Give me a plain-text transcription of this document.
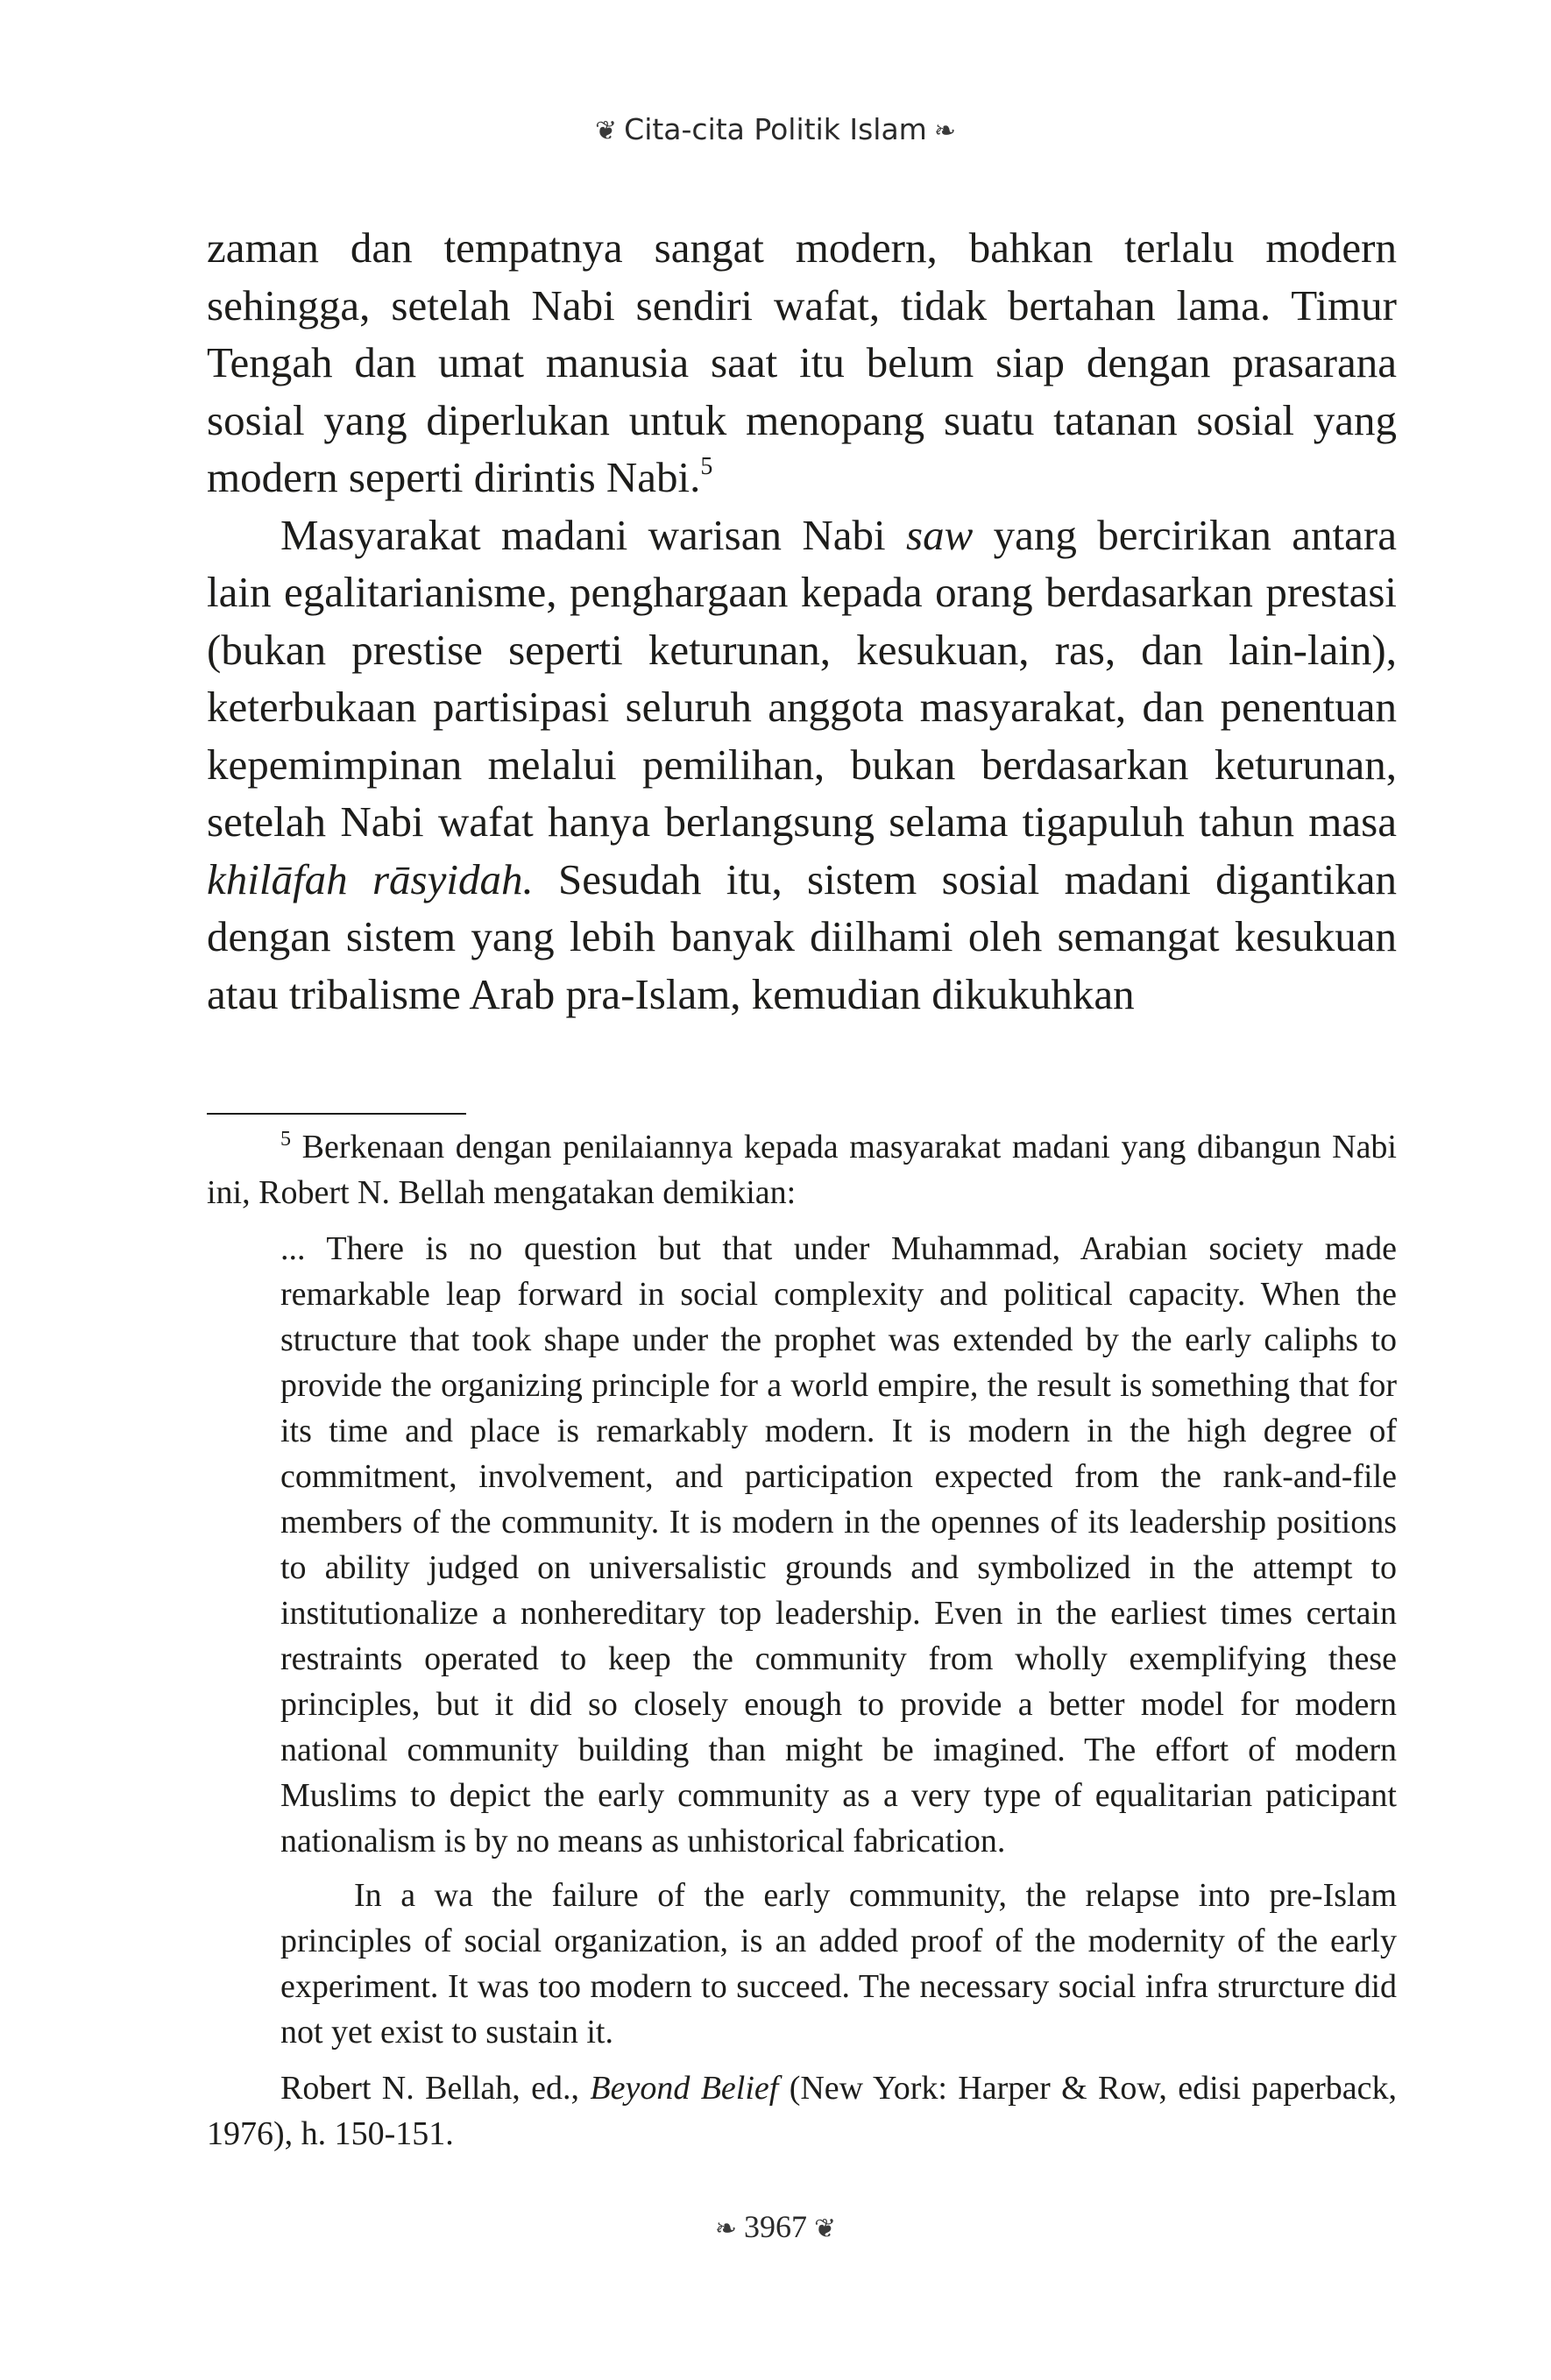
❦ Cita-cita Politik Islam ❧

zaman dan tempatnya sangat modern, bahkan terlalu modern sehingga, setelah Nabi sendiri wafat, tidak bertahan lama. Timur Tengah dan umat manusia saat itu belum siap dengan prasarana sosial yang diperlukan untuk menopang suatu tatanan sosial yang modern seperti dirintis Nabi.$^5$

Masyarakat madani warisan Nabi saw yang bercirikan antara lain egalitarianisme, penghargaan kepada orang berdasarkan prestasi (bukan prestise seperti keturunan, kesukuan, ras, dan lain-lain), keterbukaan partisipasi seluruh anggota masyarakat, dan penentuan kepemimpinan melalui pemilihan, bukan berdasarkan keturunan, setelah Nabi wafat hanya berlangsung selama tigapuluh tahun masa khilāfah rāsyidah. Sesudah itu, sistem sosial madani digantikan dengan sistem yang lebih banyak diilhami oleh semangat kesukuan atau tribalisme Arab pra-Islam, kemudian dikukuhkan

$^5$ Berkenaan dengan penilaiannya kepada masyarakat madani yang dibangun Nabi ini, Robert N. Bellah mengatakan demikian:

... There is no question but that under Muhammad, Arabian society made remarkable leap forward in social complexity and political capacity. When the structure that took shape under the prophet was extended by the early caliphs to provide the organizing principle for a world empire, the result is something that for its time and place is remarkably modern. It is modern in the high degree of commitment, involvement, and participation expected from the rank-and-file members of the community. It is modern in the opennes of its leadership positions to ability judged on universalistic grounds and symbolized in the attempt to institutionalize a nonhereditary top leadership. Even in the earliest times certain restraints operated to keep the community from wholly exemplifying these principles, but it did so closely enough to provide a better model for modern national community building than might be imagined. The effort of modern Muslims to depict the early community as a very type of equalitarian paticipant nationalism is by no means as unhistorical fabrication.

In a wa the failure of the early community, the relapse into pre-Islam principles of social organization, is an added proof of the modernity of the early experiment. It was too modern to succeed. The necessary social infra strurcture did not yet exist to sustain it.

Robert N. Bellah, ed., Beyond Belief (New York: Harper & Row, edisi paperback, 1976), h. 150-151.

❧ 3967 ❦
